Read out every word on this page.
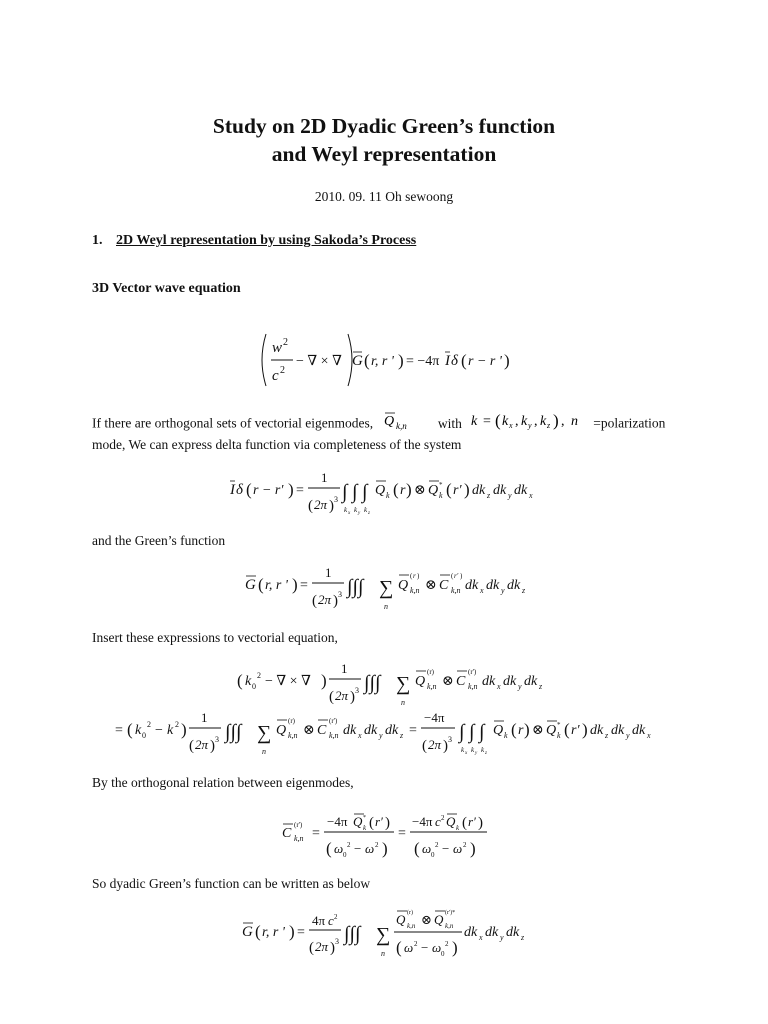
Study on 2D Dyadic Green’s function
and Weyl representation
2010. 09. 11 Oh sewoong
1. 2D Weyl representation by using Sakoda’s Process
3D Vector wave equation
w 2
c 2
− ∇ × ∇ G ( r, r ' ) = −4π I δ ( r − r ' )
If there are orthogonal sets of vectorial eigenmodes, Q k,n with k = ( k x , k y , k z ) , n =polarization
mode, We can express delta function via completeness of the system
I δ ( r − r′ ) =
1
( 2π ) 3 ∫ ∫ ∫
k x k y k z
Q k ( r ) ⊗ Q k
* ( r′ ) dk z dk y dk x
and the Green’s function
G ( r, r ' ) =
1
( 2π ) 3 ∫∫∫ ∑
n
Q
( r )
k,n ⊗ C
( r' )
k,n dk x dk y dk z
Insert these expressions to vectorial equation,
( k 0
2 − ∇ × ∇ )
1
( 2π ) 3 ∫∫∫ ∑
n
Q
(r)
k,n ⊗ C
(r')
k,n dk x dk y dk z
= ( k 0
2 − k 2 )
1
( 2π ) 3 ∫∫∫ ∑
n
Q
(r)
k,n ⊗ C
(r')
k,n dk x dk y dk z =
−4π
( 2π ) 3 ∫ ∫ ∫
k x k y k z
Q k ( r ) ⊗ Q k
* ( r′ ) dk z dk y dk x
By the orthogonal relation between eigenmodes,
C
(r')
k,n =
−4π Q k
* ( r′ )
( ω 0
2 − ω 2 )
=
−4π c 2 Q k ( r′ )
( ω 0
2 − ω 2 )
So dyadic Green’s function can be written as below
G ( r, r ' ) =
4π c 2
( 2π ) 3 ∫∫∫ ∑
n
Q (r)
k,n ⊗ Q (r')*
k,n
( ω 2 − ω 0
2 )
dk x dk y dk z
